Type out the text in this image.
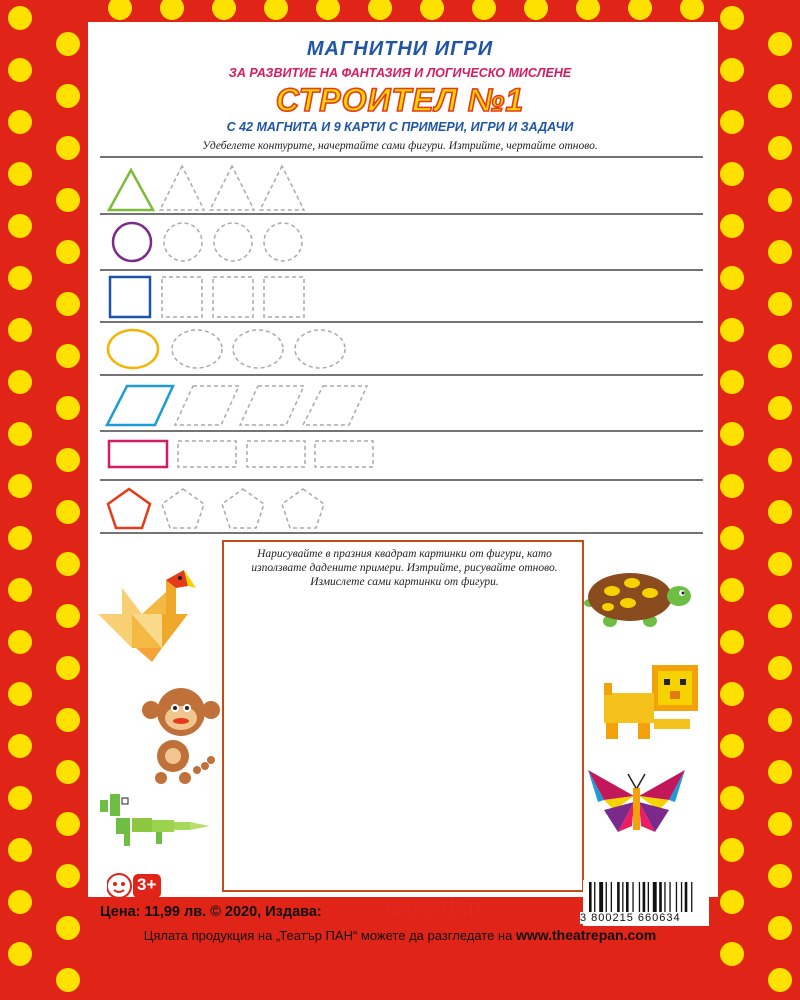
МАГНИТНИ ИГРИ
ЗА РАЗВИТИЕ НА ФАНТАЗИЯ И ЛОГИЧЕСКО МИСЛЕНЕ
СТРОИТЕЛ №1
С 42 МАГНИТА И 9 КАРТИ С ПРИМЕРИ, ИГРИ И ЗАДАЧИ
Удебелете контурите, начертайте сами фигури. Изтрийте, чертайте отново.
Нарисувайте в празния квадрат картинки от фигури, като използвате дадените примери. Изтрийте, рисувайте отново. Измислете сами картинки от фигури.
3+
Цена: 11,99 лв. © 2020, Издава:	ТЕАТЪРПАН	3 800215 660634
Цялата продукция на „Театър ПАН“ можете да разгледате на www.theatrepan.com
